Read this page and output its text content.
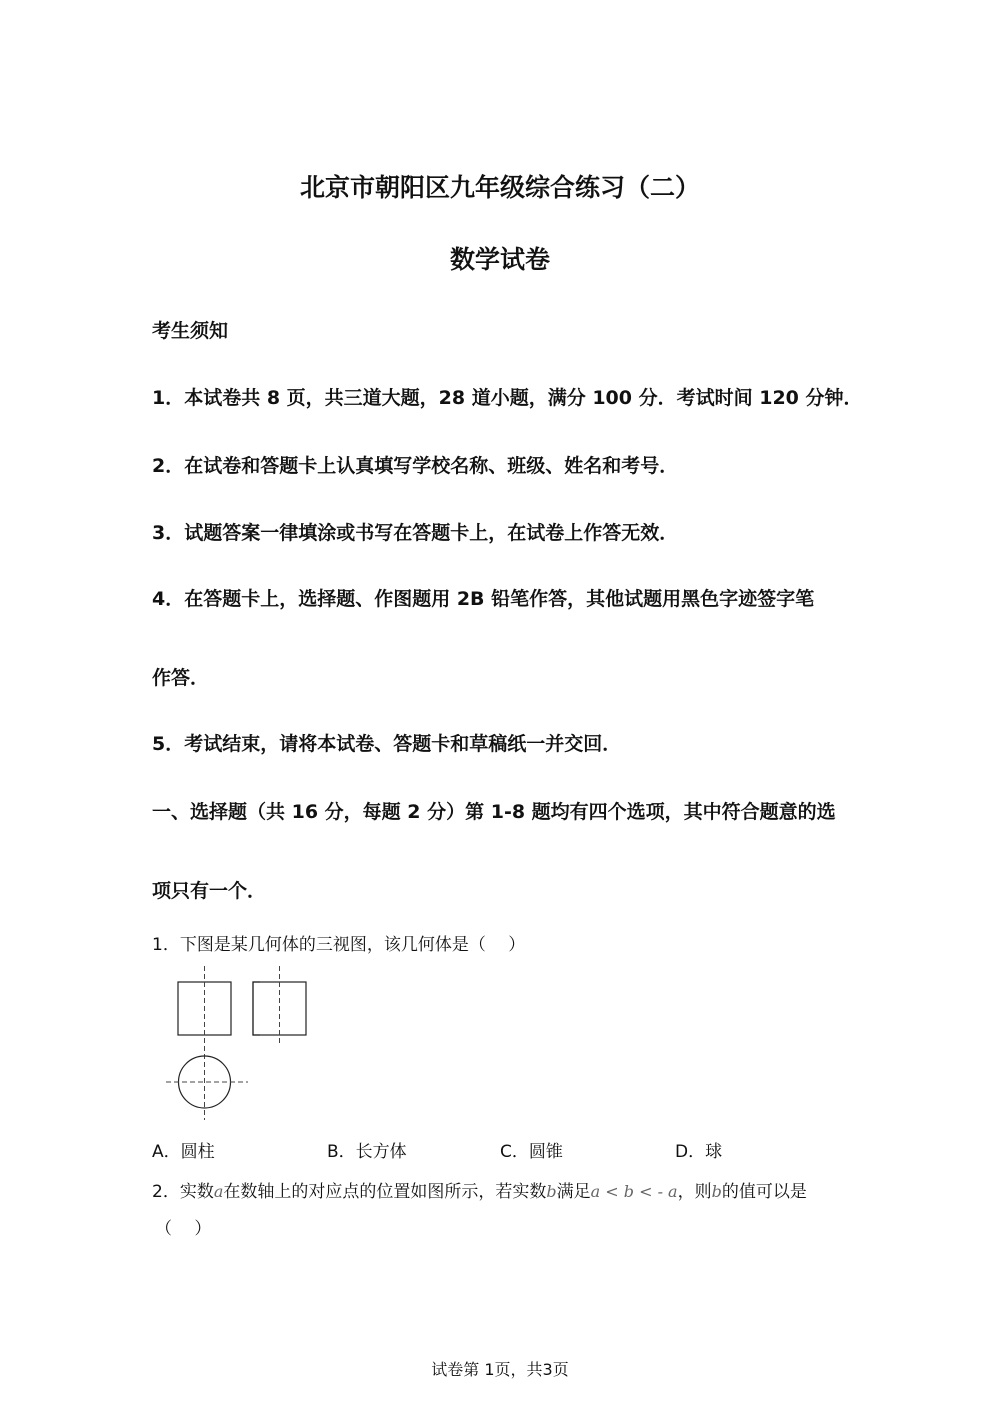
北京市朝阳区九年级综合练习（二）
数学试卷
考生须知
1．本试卷共 8 页，共三道大题，28 道小题，满分 100 分．考试时间 120 分钟．
2．在试卷和答题卡上认真填写学校名称、班级、姓名和考号．
3．试题答案一律填涂或书写在答题卡上，在试卷上作答无效．
4．在答题卡上，选择题、作图题用 2B 铅笔作答，其他试题用黑色字迹签字笔
作答．
5．考试结束，请将本试卷、答题卡和草稿纸一并交回．
一、选择题（共 16 分，每题 2 分）第 1-8 题均有四个选项，其中符合题意的选
项只有一个．
1．下图是某几何体的三视图，该几何体是（　 ）
A．圆柱	B．长方体	C．圆锥	D．球
2．实数a在数轴上的对应点的位置如图所示，若实数b满足a < b < - a，则b的值可以是
（　 ）
试卷第 1页，共3页
